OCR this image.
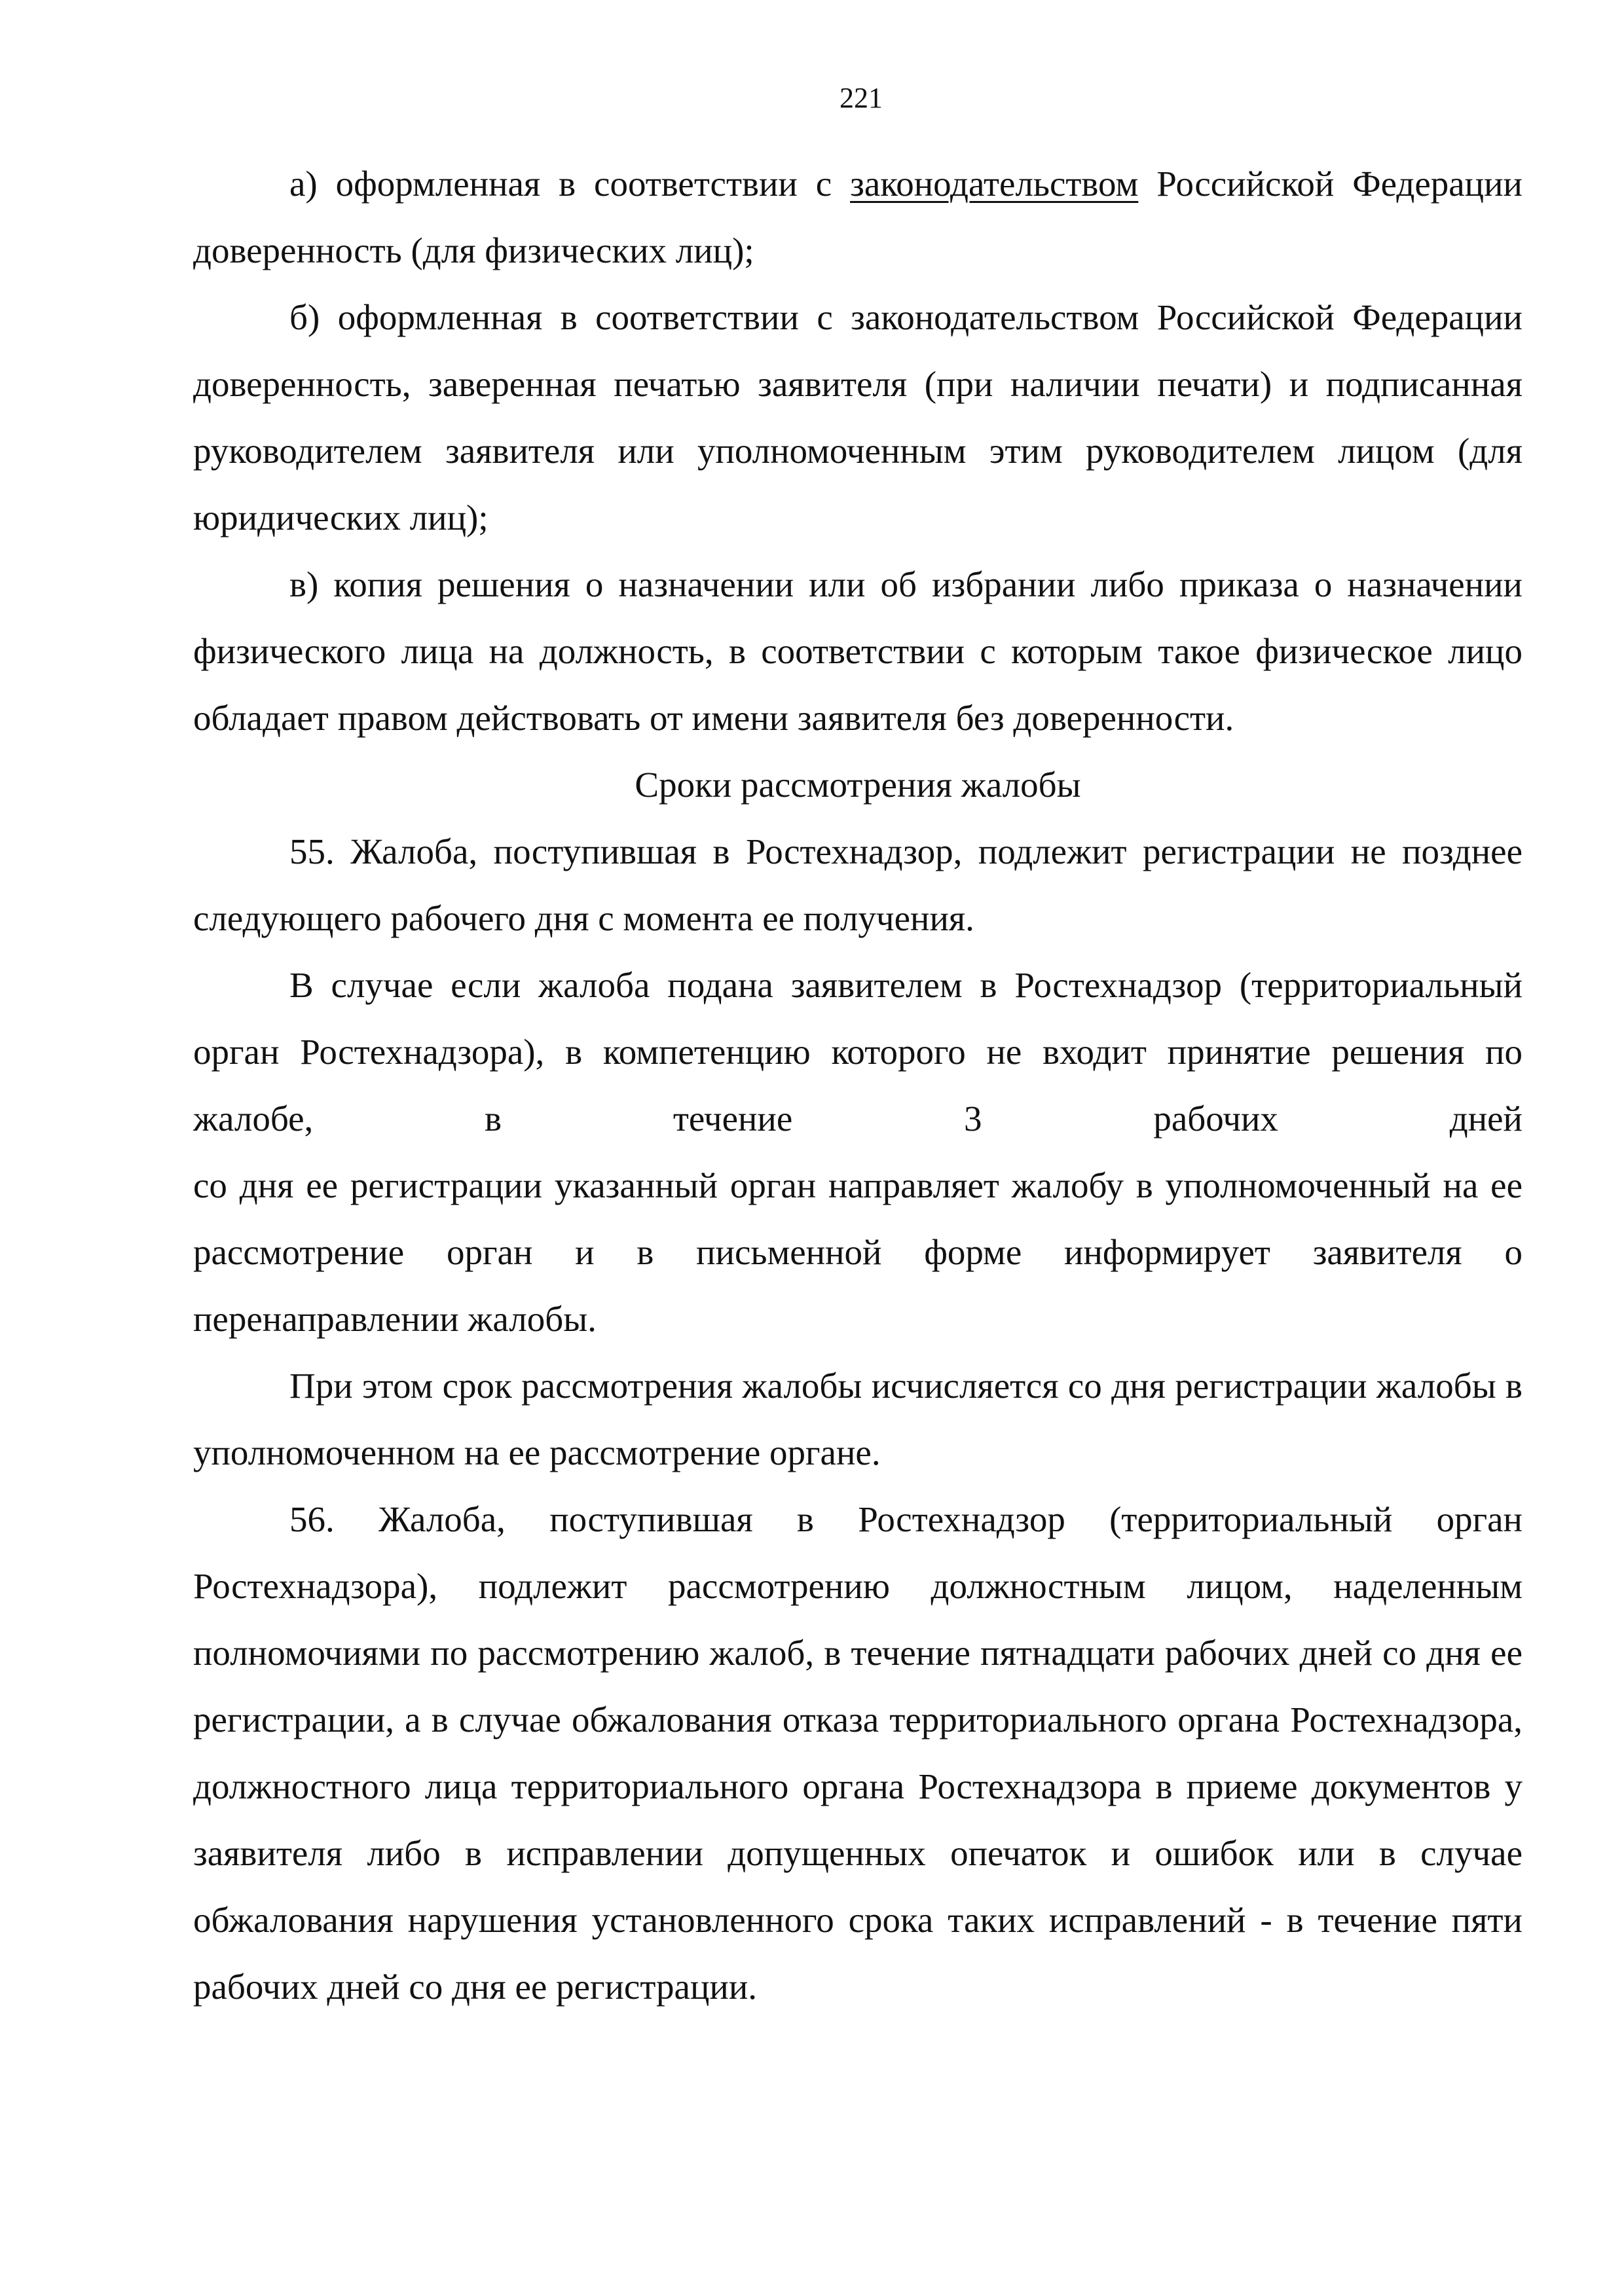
221

а) оформленная в соответствии с законодательством Российской Федерации доверенность (для физических лиц);

б) оформленная в соответствии с законодательством Российской Федерации доверенность, заверенная печатью заявителя (при наличии печати) и подписанная руководителем заявителя или уполномоченным этим руководителем лицом (для юридических лиц);

в) копия решения о назначении или об избрании либо приказа о назначении физического лица на должность, в соответствии с которым такое физическое лицо обладает правом действовать от имени заявителя без доверенности.

Сроки рассмотрения жалобы

55. Жалоба, поступившая в Ростехнадзор, подлежит регистрации не позднее следующего рабочего дня с момента ее получения.

В случае если жалоба подана заявителем в Ростехнадзор (территориальный орган Ростехнадзора), в компетенцию которого не входит принятие решения по жалобе, в течение 3 рабочих дней

со дня ее регистрации указанный орган направляет жалобу в уполномоченный на ее рассмотрение орган и в письменной форме информирует заявителя о перенаправлении жалобы.

При этом срок рассмотрения жалобы исчисляется со дня регистрации жалобы в уполномоченном на ее рассмотрение органе.

56. Жалоба, поступившая в Ростехнадзор (территориальный орган Ростехнадзора), подлежит рассмотрению должностным лицом, наделенным полномочиями по рассмотрению жалоб, в течение пятнадцати рабочих дней со дня ее регистрации, а в случае обжалования отказа территориального органа Ростехнадзора, должностного лица территориального органа Ростехнадзора в приеме документов у заявителя либо в исправлении допущенных опечаток и ошибок или в случае обжалования нарушения установленного срока таких исправлений - в течение пяти рабочих дней со дня ее регистрации.
